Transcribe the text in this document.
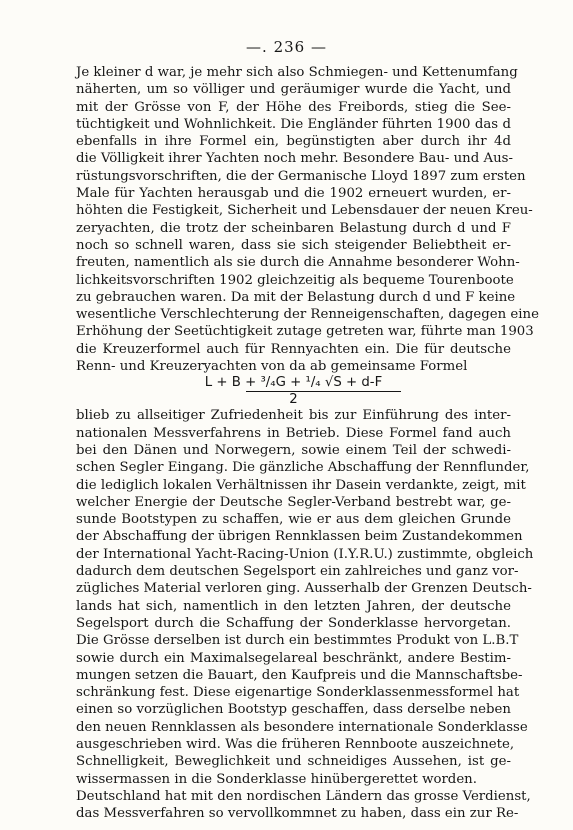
—. 236 —
Je kleiner d war, je mehr sich also Schmiegen- und Kettenumfang
näherten, um so völliger und geräumiger wurde die Yacht, und
mit der Grösse von F, der Höhe des Freibords, stieg die See-
tüchtigkeit und Wohnlichkeit. Die Engländer führten 1900 das d
ebenfalls in ihre Formel ein, begünstigten aber durch ihr 4d
die Völligkeit ihrer Yachten noch mehr. Besondere Bau- und Aus-
rüstungsvorschriften, die der Germanische Lloyd 1897 zum ersten
Male für Yachten herausgab und die 1902 erneuert wurden, er-
höhten die Festigkeit, Sicherheit und Lebensdauer der neuen Kreu-
zeryachten, die trotz der scheinbaren Belastung durch d und F
noch so schnell waren, dass sie sich steigender Beliebtheit er-
freuten, namentlich als sie durch die Annahme besonderer Wohn-
lichkeitsvorschriften 1902 gleichzeitig als bequeme Tourenboote
zu gebrauchen waren. Da mit der Belastung durch d und F keine
wesentliche Verschlechterung der Renneigenschaften, dagegen eine
Erhöhung der Seetüchtigkeit zutage getreten war, führte man 1903
die Kreuzerformel auch für Rennyachten ein. Die für deutsche
Renn- und Kreuzeryachten von da ab gemeinsame Formel
L + B + ³/₄G + ¹/₄ √S + d-F
2
blieb zu allseitiger Zufriedenheit bis zur Einführung des inter-
nationalen Messverfahrens in Betrieb. Diese Formel fand auch
bei den Dänen und Norwegern, sowie einem Teil der schwedi-
schen Segler Eingang. Die gänzliche Abschaffung der Rennflunder,
die lediglich lokalen Verhältnissen ihr Dasein verdankte, zeigt, mit
welcher Energie der Deutsche Segler-Verband bestrebt war, ge-
sunde Bootstypen zu schaffen, wie er aus dem gleichen Grunde
der Abschaffung der übrigen Rennklassen beim Zustandekommen
der International Yacht-Racing-Union (I.Y.R.U.) zustimmte, obgleich
dadurch dem deutschen Segelsport ein zahlreiches und ganz vor-
zügliches Material verloren ging. Ausserhalb der Grenzen Deutsch-
lands hat sich, namentlich in den letzten Jahren, der deutsche
Segelsport durch die Schaffung der Sonderklasse hervorgetan.
Die Grösse derselben ist durch ein bestimmtes Produkt von L.B.T
sowie durch ein Maximalsegelareal beschränkt, andere Bestim-
mungen setzen die Bauart, den Kaufpreis und die Mannschaftsbe-
schränkung fest. Diese eigenartige Sonderklassenmessformel hat
einen so vorzüglichen Bootstyp geschaffen, dass derselbe neben
den neuen Rennklassen als besondere internationale Sonderklasse
ausgeschrieben wird. Was die früheren Rennboote auszeichnete,
Schnelligkeit, Beweglichkeit und schneidiges Aussehen, ist ge-
wissermassen in die Sonderklasse hinübergerettet worden.
Deutschland hat mit den nordischen Ländern das grosse Verdienst,
das Messverfahren so vervollkommnet zu haben, dass ein zur Re-
